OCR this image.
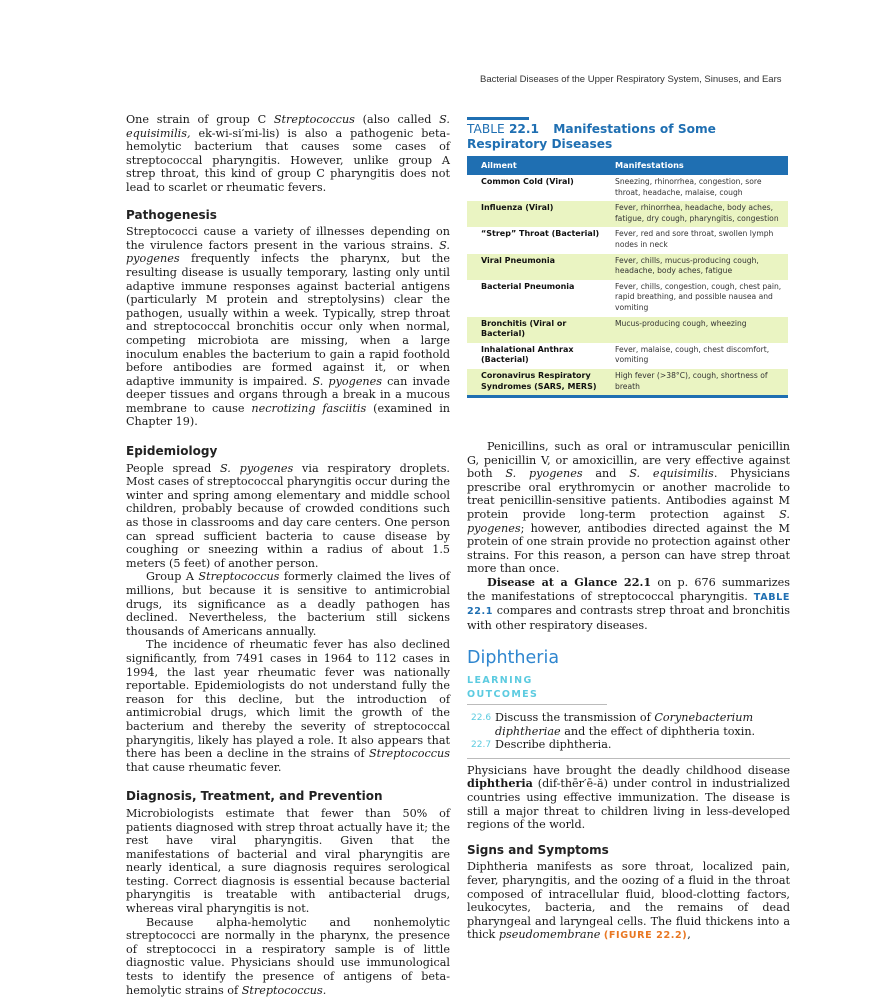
Bacterial Diseases of the Upper Respiratory System, Sinuses, and Ears

One strain of group C Streptococcus (also called S. equisimilis, ek-wi-si′mi-lis) is also a pathogenic beta-hemolytic bacterium that causes some cases of streptococcal pharyngitis. However, unlike group A strep throat, this kind of group C pharyngitis does not lead to scarlet or rheumatic fevers.

Pathogenesis

Streptococci cause a variety of illnesses depending on the virulence factors present in the various strains. S. pyogenes frequently infects the pharynx, but the resulting disease is usually temporary, lasting only until adaptive immune responses against bacterial antigens (particularly M protein and streptolysins) clear the pathogen, usually within a week. Typically, strep throat and streptococcal bronchitis occur only when normal, competing microbiota are missing, when a large inoculum enables the bacterium to gain a rapid foothold before antibodies are formed against it, or when adaptive immunity is impaired. S. pyogenes can invade deeper tissues and organs through a break in a mucous membrane to cause necrotizing fasciitis (examined in Chapter 19).

Epidemiology

People spread S. pyogenes via respiratory droplets. Most cases of streptococcal pharyngitis occur during the winter and spring among elementary and middle school children, probably because of crowded conditions such as those in classrooms and day care centers. One person can spread sufficient bacteria to cause disease by coughing or sneezing within a radius of about 1.5 meters (5 feet) of another person.

Group A Streptococcus formerly claimed the lives of millions, but because it is sensitive to antimicrobial drugs, its significance as a deadly pathogen has declined. Nevertheless, the bacterium still sickens thousands of Americans annually.

The incidence of rheumatic fever has also declined significantly, from 7491 cases in 1964 to 112 cases in 1994, the last year rheumatic fever was nationally reportable. Epidemiologists do not understand fully the reason for this decline, but the introduction of antimicrobial drugs, which limit the growth of the bacterium and thereby the severity of streptococcal pharyngitis, likely has played a role. It also appears that there has been a decline in the strains of Streptococcus that cause rheumatic fever.

Diagnosis, Treatment, and Prevention

Microbiologists estimate that fewer than 50% of patients diagnosed with strep throat actually have it; the rest have viral pharyngitis. Given that the manifestations of bacterial and viral pharyngitis are nearly identical, a sure diagnosis requires serological testing. Correct diagnosis is essential because bacterial pharyngitis is treatable with antibacterial drugs, whereas viral pharyngitis is not.

Because alpha-hemolytic and nonhemolytic streptococci are normally in the pharynx, the presence of streptococci in a respiratory sample is of little diagnostic value. Physicians should use immunological tests to identify the presence of antigens of beta-hemolytic strains of Streptococcus.

TABLE 22.1 Manifestations of Some Respiratory Diseases
Ailment	Manifestations
Common Cold (Viral)	Sneezing, rhinorrhea, congestion, sore throat, headache, malaise, cough
Influenza (Viral)	Fever, rhinorrhea, headache, body aches, fatigue, dry cough, pharyngitis, congestion
“Strep” Throat (Bacterial)	Fever, red and sore throat, swollen lymph nodes in neck
Viral Pneumonia	Fever, chills, mucus-producing cough, headache, body aches, fatigue
Bacterial Pneumonia	Fever, chills, congestion, cough, chest pain, rapid breathing, and possible nausea and vomiting
Bronchitis (Viral or Bacterial)	Mucus-producing cough, wheezing
Inhalational Anthrax (Bacterial)	Fever, malaise, cough, chest discomfort, vomiting
Coronavirus Respiratory Syndromes (SARS, MERS)	High fever (>38°C), cough, shortness of breath

Penicillins, such as oral or intramuscular penicillin G, penicillin V, or amoxicillin, are very effective against both S. pyogenes and S. equisimilis. Physicians prescribe oral erythromycin or another macrolide to treat penicillin-sensitive patients. Antibodies against M protein provide long-term protection against S. pyogenes; however, antibodies directed against the M protein of one strain provide no protection against other strains. For this reason, a person can have strep throat more than once.

Disease at a Glance 22.1 on p. 676 summarizes the manifestations of streptococcal pharyngitis. TABLE 22.1 compares and contrasts strep throat and bronchitis with other respiratory diseases.

Diphtheria
LEARNING OUTCOMES
22.6 Discuss the transmission of Corynebacterium diphtheriae and the effect of diphtheria toxin.
22.7 Describe diphtheria.

Physicians have brought the deadly childhood disease diphtheria (dif-thēr′ē-ă) under control in industrialized countries using effective immunization. The disease is still a major threat to children living in less-developed regions of the world.

Signs and Symptoms

Diphtheria manifests as sore throat, localized pain, fever, pharyngitis, and the oozing of a fluid in the throat composed of intracellular fluid, blood-clotting factors, leukocytes, bacteria, and the remains of dead pharyngeal and laryngeal cells. The fluid thickens into a thick pseudomembrane (FIGURE 22.2),
